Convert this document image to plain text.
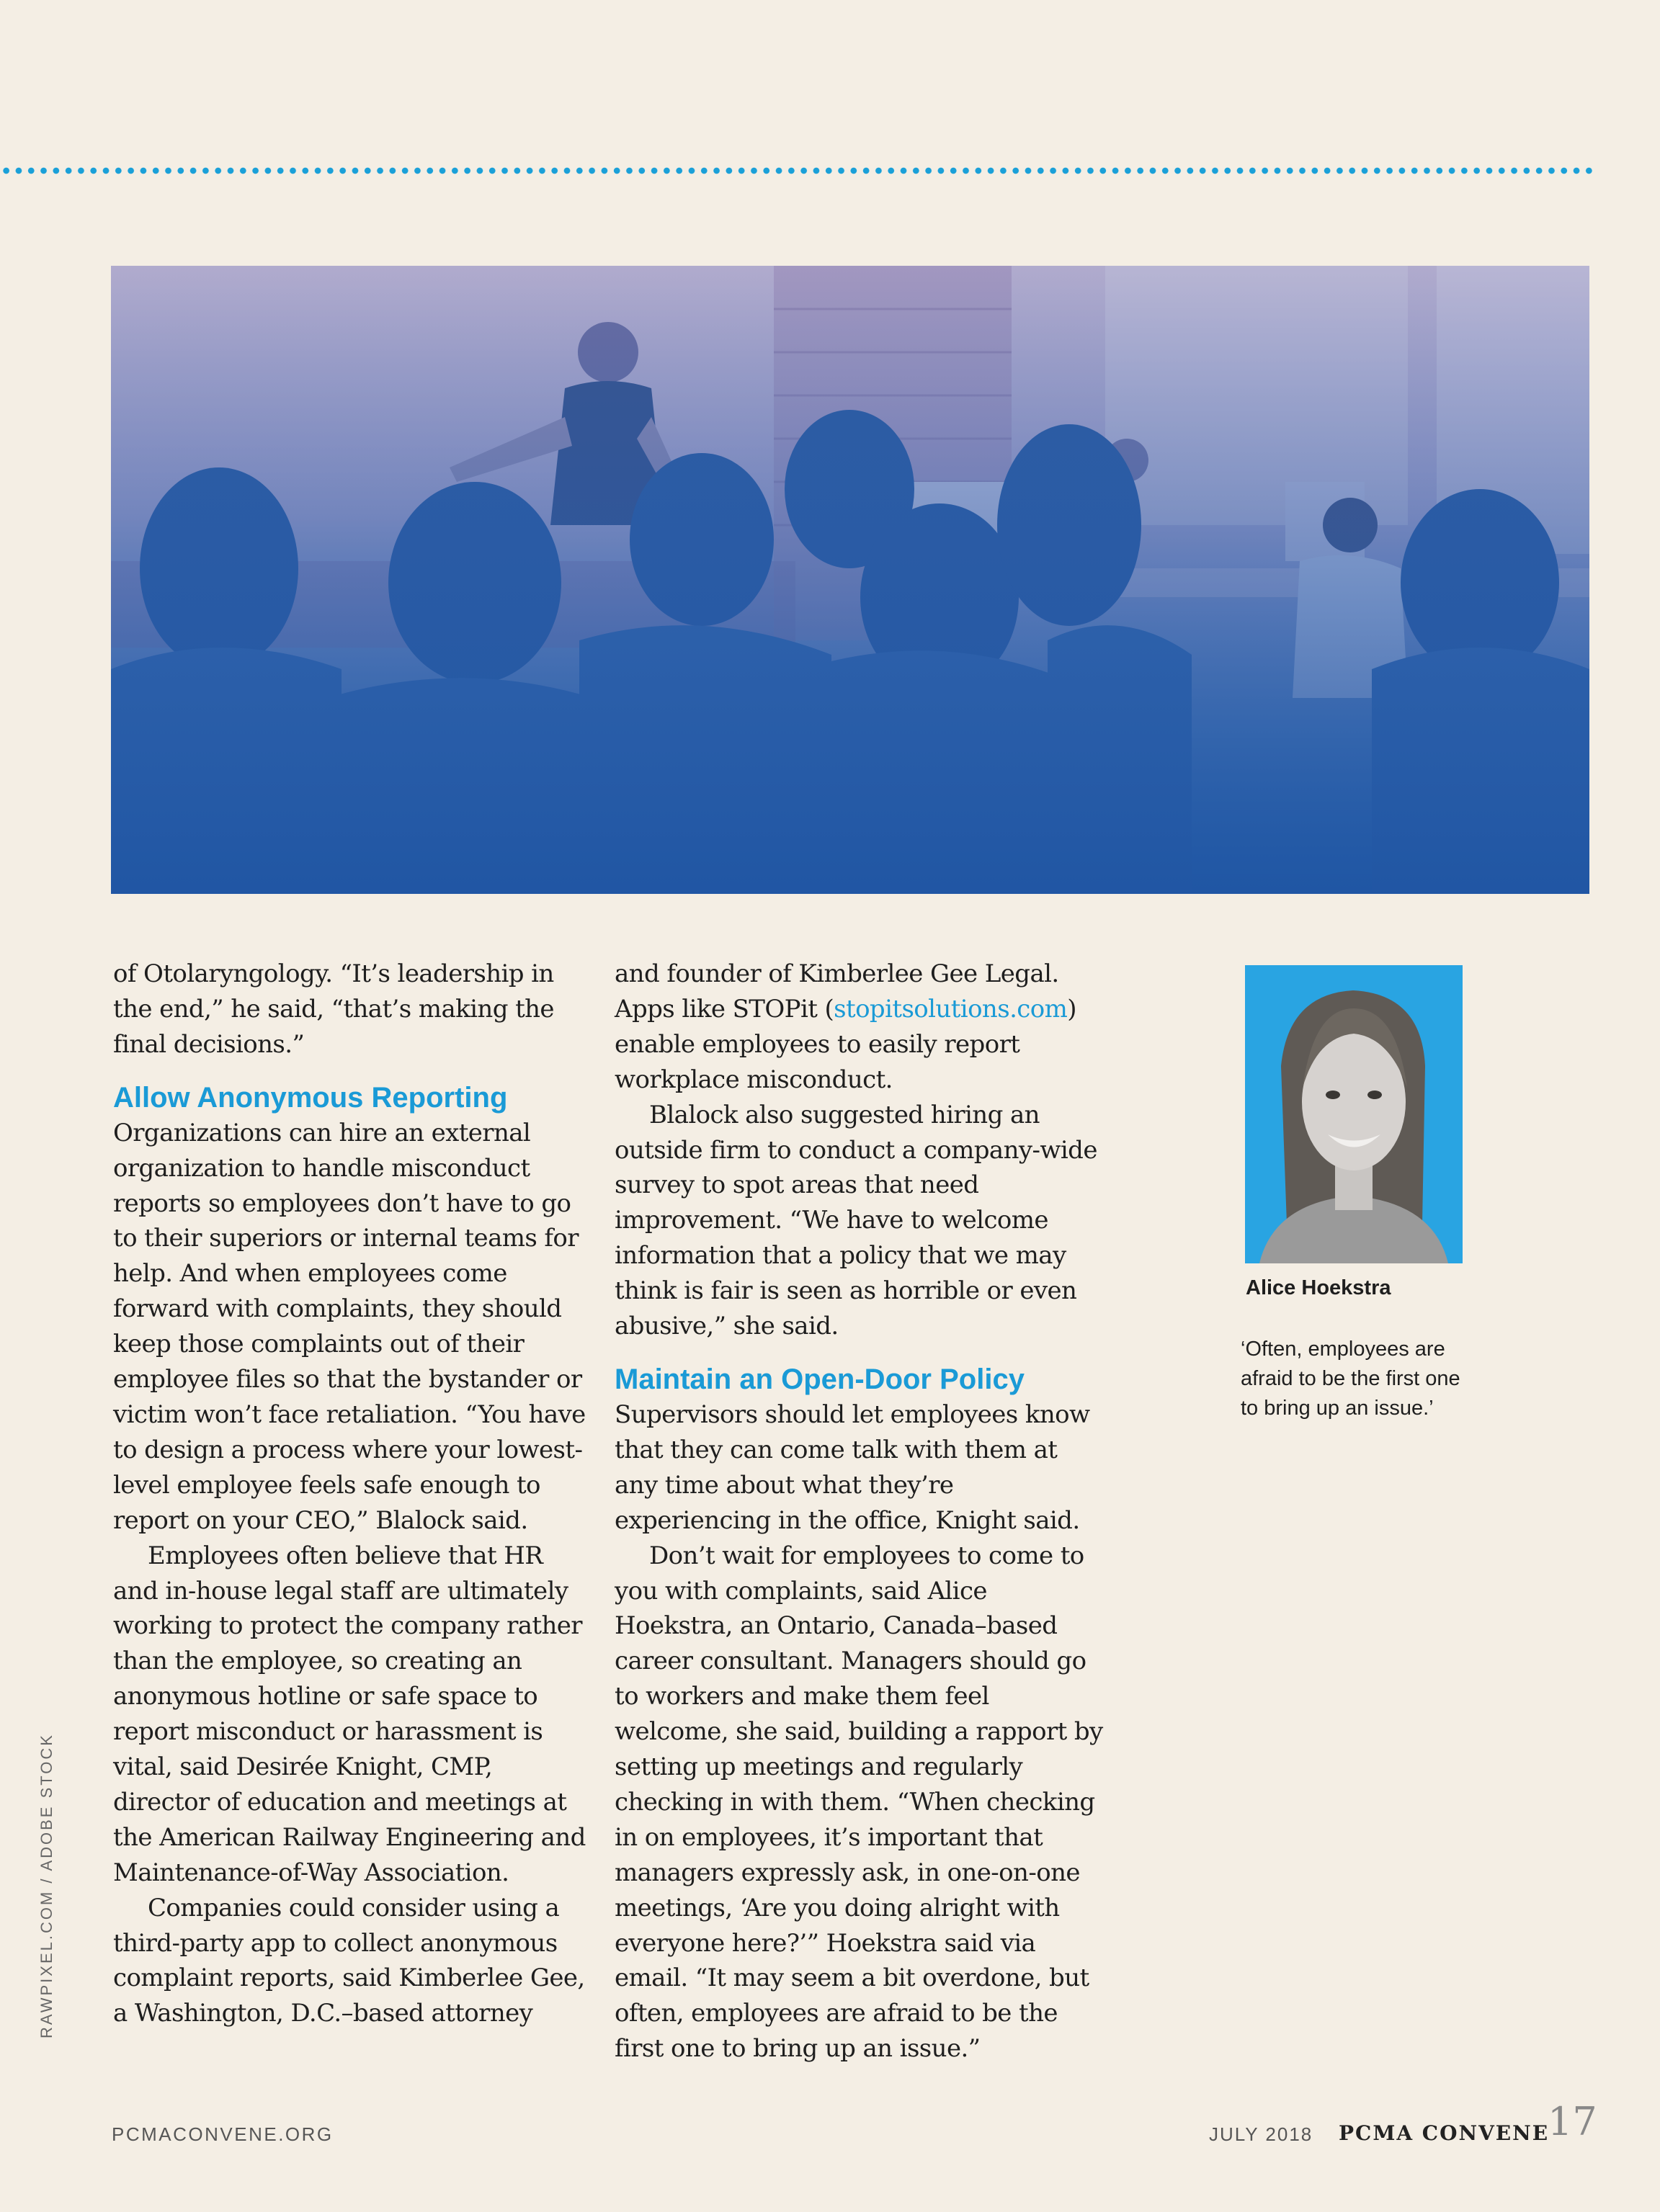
of Otolaryngology. “It’s leadership in the end,” he said, “that’s making the final decisions.”

Allow Anonymous Reporting

Organizations can hire an external organization to handle misconduct reports so employees don’t have to go to their superiors or internal teams for help. And when employees come forward with complaints, they should keep those complaints out of their employee files so that the bystander or victim won’t face retaliation. “You have to design a process where your lowest-level employee feels safe enough to report on your CEO,” Blalock said.

Employees often believe that HR and in-house legal staff are ultimately working to protect the company rather than the employee, so creating an anonymous hotline or safe space to report misconduct or harassment is vital, said Desirée Knight, CMP, director of education and meetings at the American Railway Engineering and Maintenance-of-Way Association.

Companies could consider using a third-party app to collect anonymous complaint reports, said Kimberlee Gee, a Washington, D.C.–based attorney

and founder of Kimberlee Gee Legal. Apps like STOPit (stopitsolutions.com) enable employees to easily report workplace misconduct.

Blalock also suggested hiring an outside firm to conduct a company-wide survey to spot areas that need improvement. “We have to welcome information that a policy that we may think is fair is seen as horrible or even abusive,” she said.

Maintain an Open-Door Policy

Supervisors should let employees know that they can come talk with them at any time about what they’re experiencing in the office, Knight said.

Don’t wait for employees to come to you with complaints, said Alice Hoekstra, an Ontario, Canada–based career consultant. Managers should go to workers and make them feel welcome, she said, building a rapport by setting up meetings and regularly checking in with them. “When checking in on employees, it’s important that managers expressly ask, in one-on-one meetings, ‘Are you doing alright with everyone here?’” Hoekstra said via email. “It may seem a bit overdone, but often, employees are afraid to be the first one to bring up an issue.”

Alice Hoekstra
‘Often, employees are afraid to be the first one to bring up an issue.’
RAWPIXEL.COM / ADOBE STOCK
PCMACONVENE.ORG	JULY 2018 PCMA CONVENE
17
